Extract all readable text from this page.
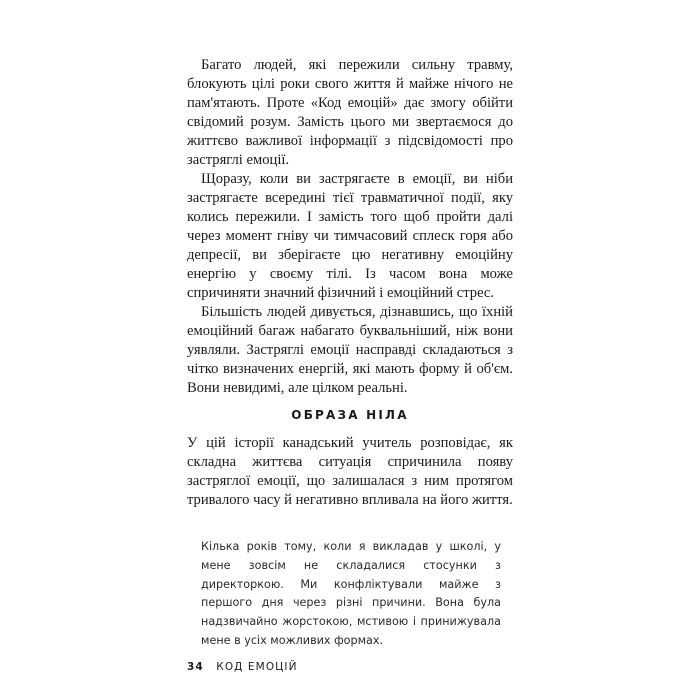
Багато людей, які пережили сильну травму, блокують цілі роки свого життя й майже нічого не пам'ятають. Проте «Код емоцій» дає змогу обійти свідомий розум. Замість цього ми звертаємося до життєво важливої інформації з підсвідомості про застряглі емоції.

Щоразу, коли ви застрягаєте в емоції, ви ніби застрягаєте всередині тієї травматичної події, яку колись пережили. І замість того щоб пройти далі через момент гніву чи тимчасовий сплеск горя або депресії, ви зберігаєте цю негативну емоційну енергію у своєму тілі. Із часом вона може спричиняти значний фізичний і емоційний стрес.

Більшість людей дивується, дізнавшись, що їхній емоційний багаж набагато буквальніший, ніж вони уявляли. Застряглі емоції насправді складаються з чітко визначених енергій, які мають форму й об'єм. Вони невидимі, але цілком реальні.

ОБРАЗА НІЛА

У цій історії канадський учитель розповідає, як складна життєва ситуація спричинила появу застряглої емоції, що залишалася з ним протягом тривалого часу й негативно впливала на його життя.

Кілька років тому, коли я викладав у школі, у мене зовсім не складалися стосунки з директоркою. Ми конфліктували майже з першого дня через різні причини. Вона була надзвичайно жорстокою, мстивою і принижувала мене в усіх можливих формах.

34 КОД ЕМОЦІЙ
